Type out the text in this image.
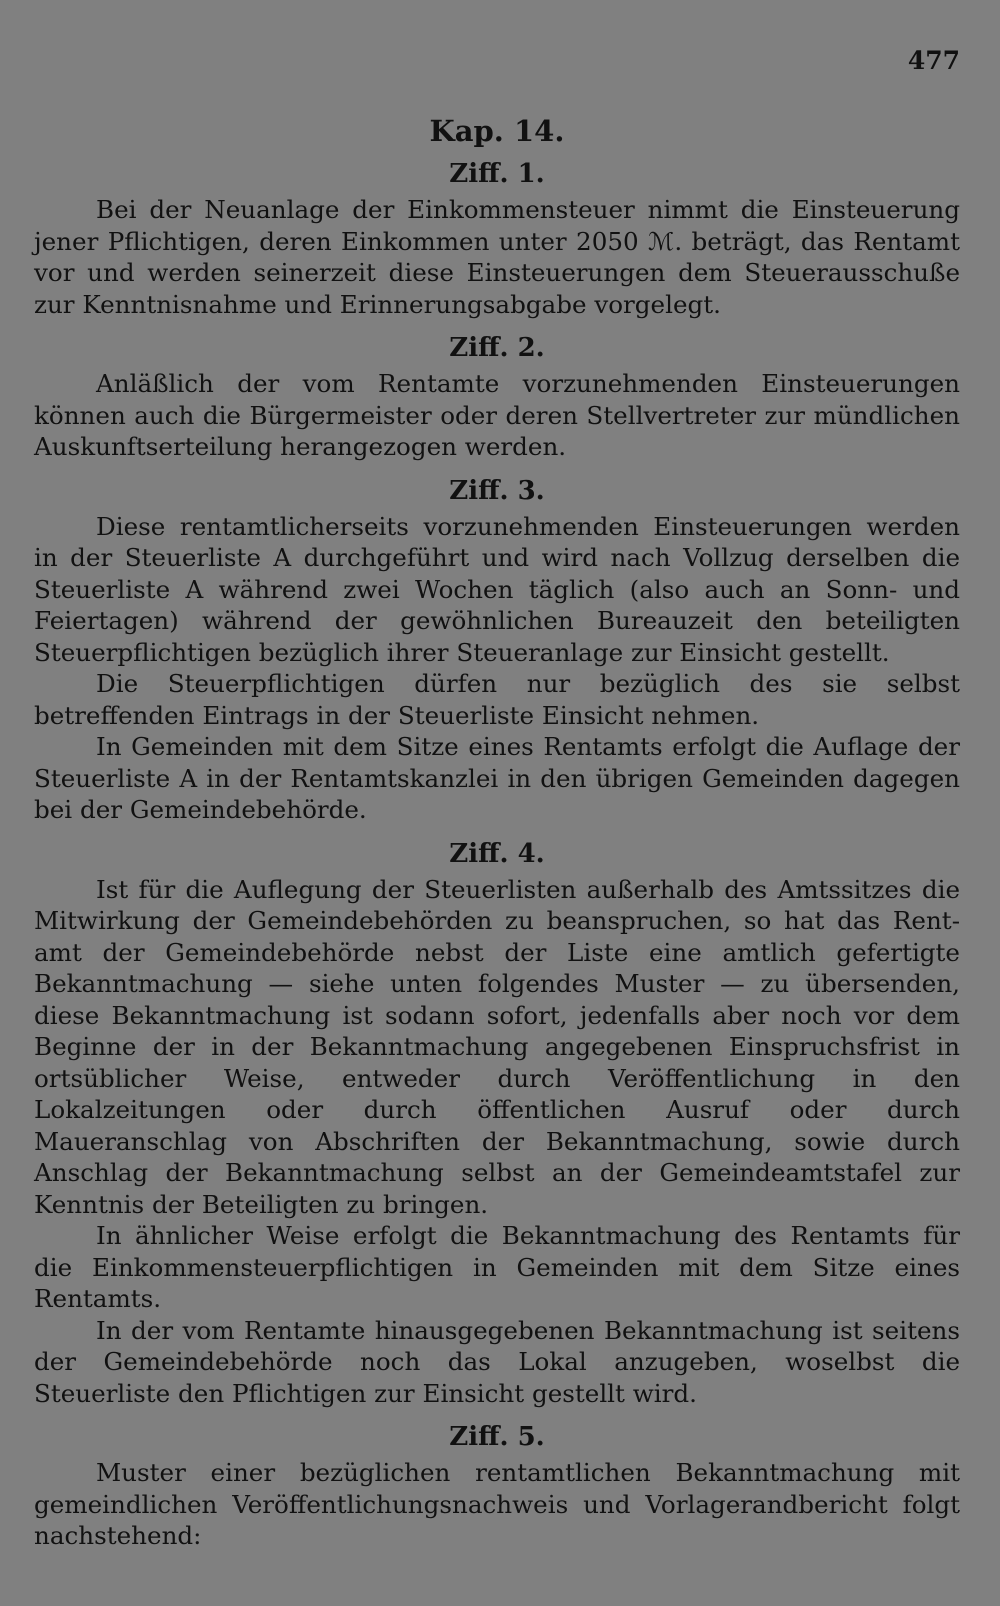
477

Kap. 14.
Ziff. 1.

Bei der Neuanlage der Einkommensteuer nimmt die Einsteuerung jener Pflichtigen, deren Einkommen unter 2050 ℳ. beträgt, das Rentamt vor und werden seinerzeit diese Einsteuerungen dem Steuerausschuße zur Kenntnisnahme und Erinnerungsabgabe vorgelegt.

Ziff. 2.

Anläßlich der vom Rentamte vorzunehmenden Einsteuerungen können auch die Bürgermeister oder deren Stellvertreter zur mündlichen Auskunftserteilung herangezogen werden.

Ziff. 3.

Diese rentamtlicherseits vorzunehmenden Einsteuerungen werden in der Steuerliste A durchgeführt und wird nach Vollzug derselben die Steuerliste A während zwei Wochen täglich (also auch an Sonn- und Feiertagen) während der gewöhnlichen Bureauzeit den beteiligten Steuerpflichtigen bezüglich ihrer Steueranlage zur Einsicht gestellt.

Die Steuerpflichtigen dürfen nur bezüglich des sie selbst betreffenden Eintrags in der Steuerliste Einsicht nehmen.

In Gemeinden mit dem Sitze eines Rentamts erfolgt die Auflage der Steuerliste A in der Rentamtskanzlei in den übrigen Gemeinden dagegen bei der Gemeindebehörde.

Ziff. 4.

Ist für die Auflegung der Steuerlisten außerhalb des Amtssitzes die Mitwirkung der Gemeindebehörden zu beanspruchen, so hat das Rentamt der Gemeindebehörde nebst der Liste eine amtlich gefertigte Bekanntmachung — siehe unten folgendes Muster — zu übersenden, diese Bekanntmachung ist sodann sofort, jedenfalls aber noch vor dem Beginne der in der Bekanntmachung angegebenen Einspruchsfrist in ortsüblicher Weise, entweder durch Veröffentlichung in den Lokalzeitungen oder durch öffentlichen Ausruf oder durch Maueranschlag von Abschriften der Bekanntmachung, sowie durch Anschlag der Bekanntmachung selbst an der Gemeindeamtstafel zur Kenntnis der Beteiligten zu bringen.

In ähnlicher Weise erfolgt die Bekanntmachung des Rentamts für die Einkommensteuerpflichtigen in Gemeinden mit dem Sitze eines Rentamts.

In der vom Rentamte hinausgegebenen Bekanntmachung ist seitens der Gemeindebehörde noch das Lokal anzugeben, woselbst die Steuerliste den Pflichtigen zur Einsicht gestellt wird.

Ziff. 5.

Muster einer bezüglichen rentamtlichen Bekanntmachung mit gemeindlichen Veröffentlichungsnachweis und Vorlagerandbericht folgt nachstehend:
